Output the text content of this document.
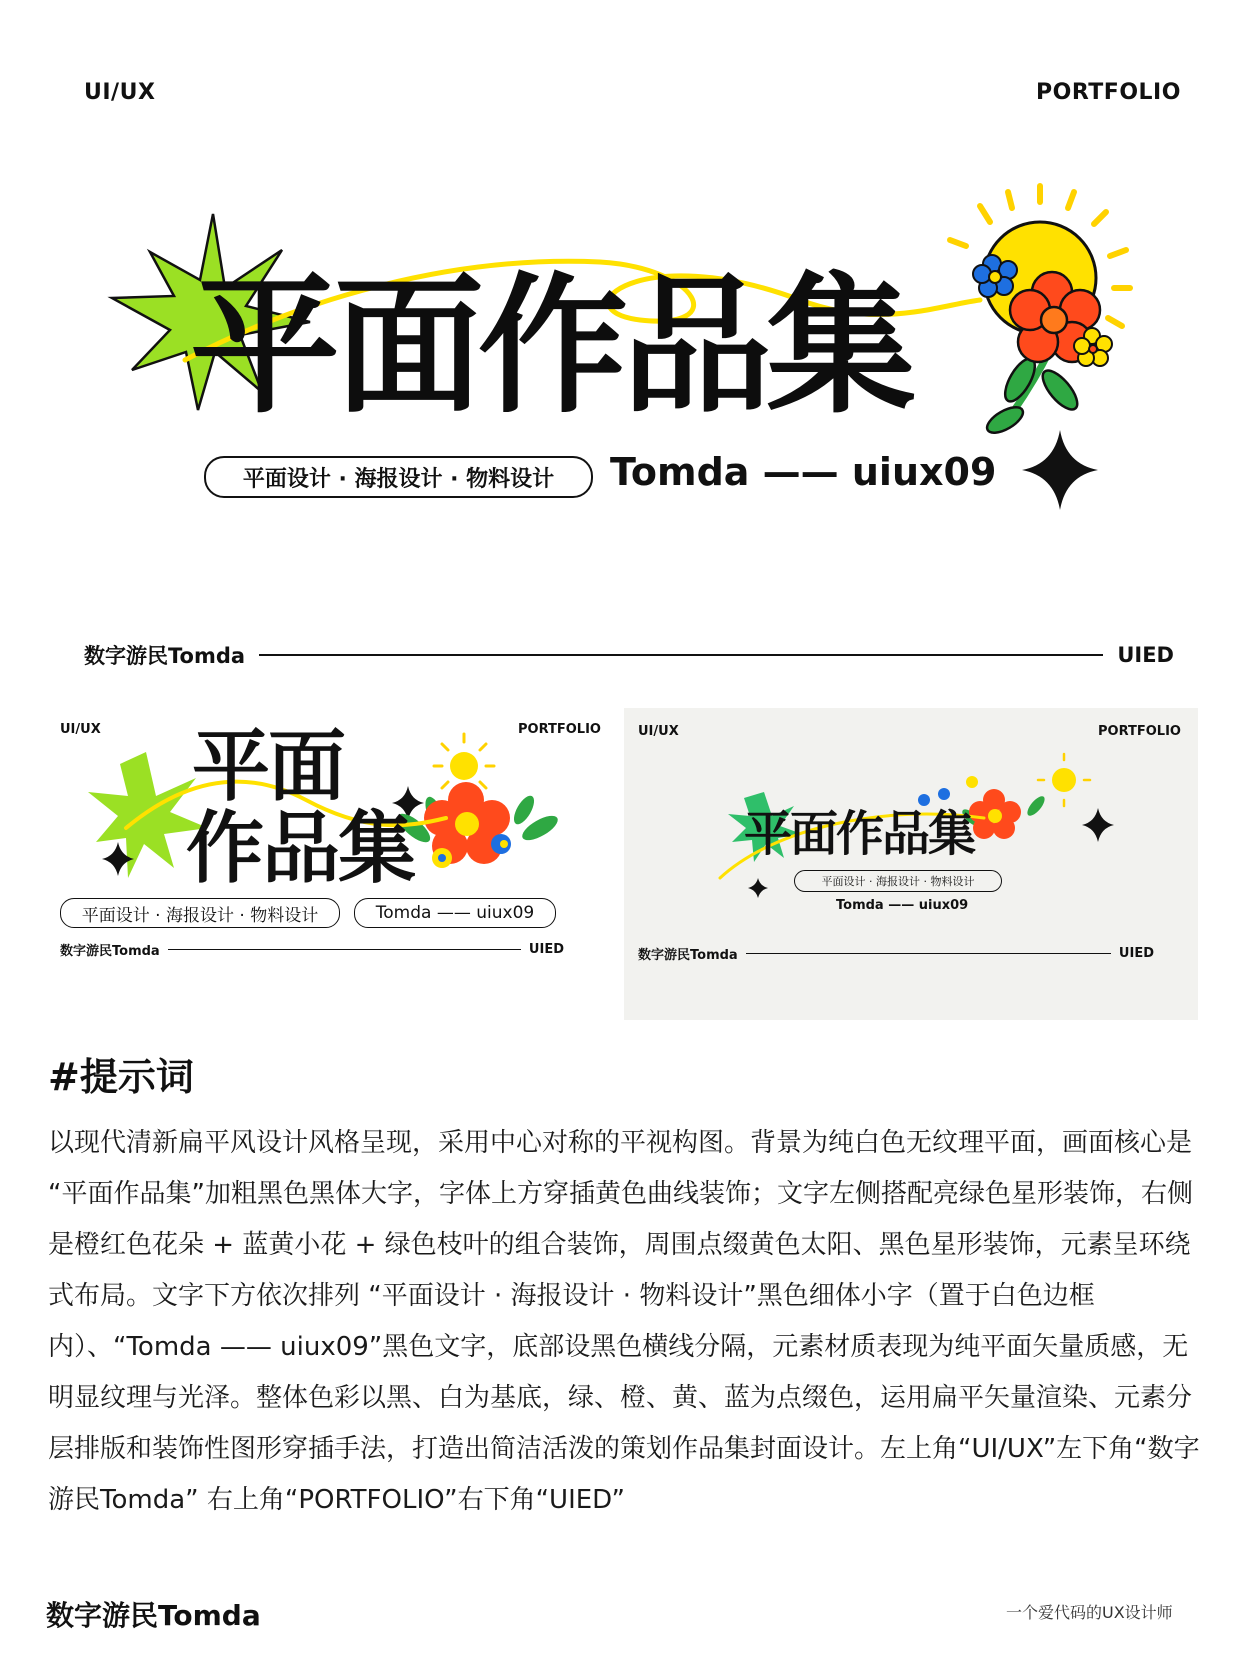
UI/UX	PORTFOLIO
平面作品集
平面设计 · 海报设计 · 物料设计	Tomda —— uiux09
数字游民Tomda	UIED
UI/UX	PORTFOLIO
平面
作品集
平面设计 · 海报设计 · 物料设计	Tomda —— uiux09
数字游民Tomda	UIED
UI/UX	PORTFOLIO
平面作品集
平面设计 · 海报设计 · 物料设计
Tomda —— uiux09
数字游民Tomda	UIED
#提示词
以现代清新扁平风设计风格呈现，采用中心对称的平视构图。背景为纯白色无纹理平面，画面核心是 “平面作品集”加粗黑色黑体大字，字体上方穿插黄色曲线装饰；文字左侧搭配亮绿色星形装饰，右侧是橙红色花朵 + 蓝黄小花 + 绿色枝叶的组合装饰，周围点缀黄色太阳、黑色星形装饰，元素呈环绕式布局。文字下方依次排列 “平面设计 · 海报设计 · 物料设计”黑色细体小字（置于白色边框内）、“Tomda —— uiux09”黑色文字，底部设黑色横线分隔，元素材质表现为纯平面矢量质感，无明显纹理与光泽。整体色彩以黑、白为基底，绿、橙、黄、蓝为点缀色，运用扁平矢量渲染、元素分层排版和装饰性图形穿插手法，打造出简洁活泼的策划作品集封面设计。左上角“UI/UX”左下角“数字游民Tomda” 右上角“PORTFOLIO”右下角“UIED”
数字游民Tomda	一个爱代码的UX设计师
